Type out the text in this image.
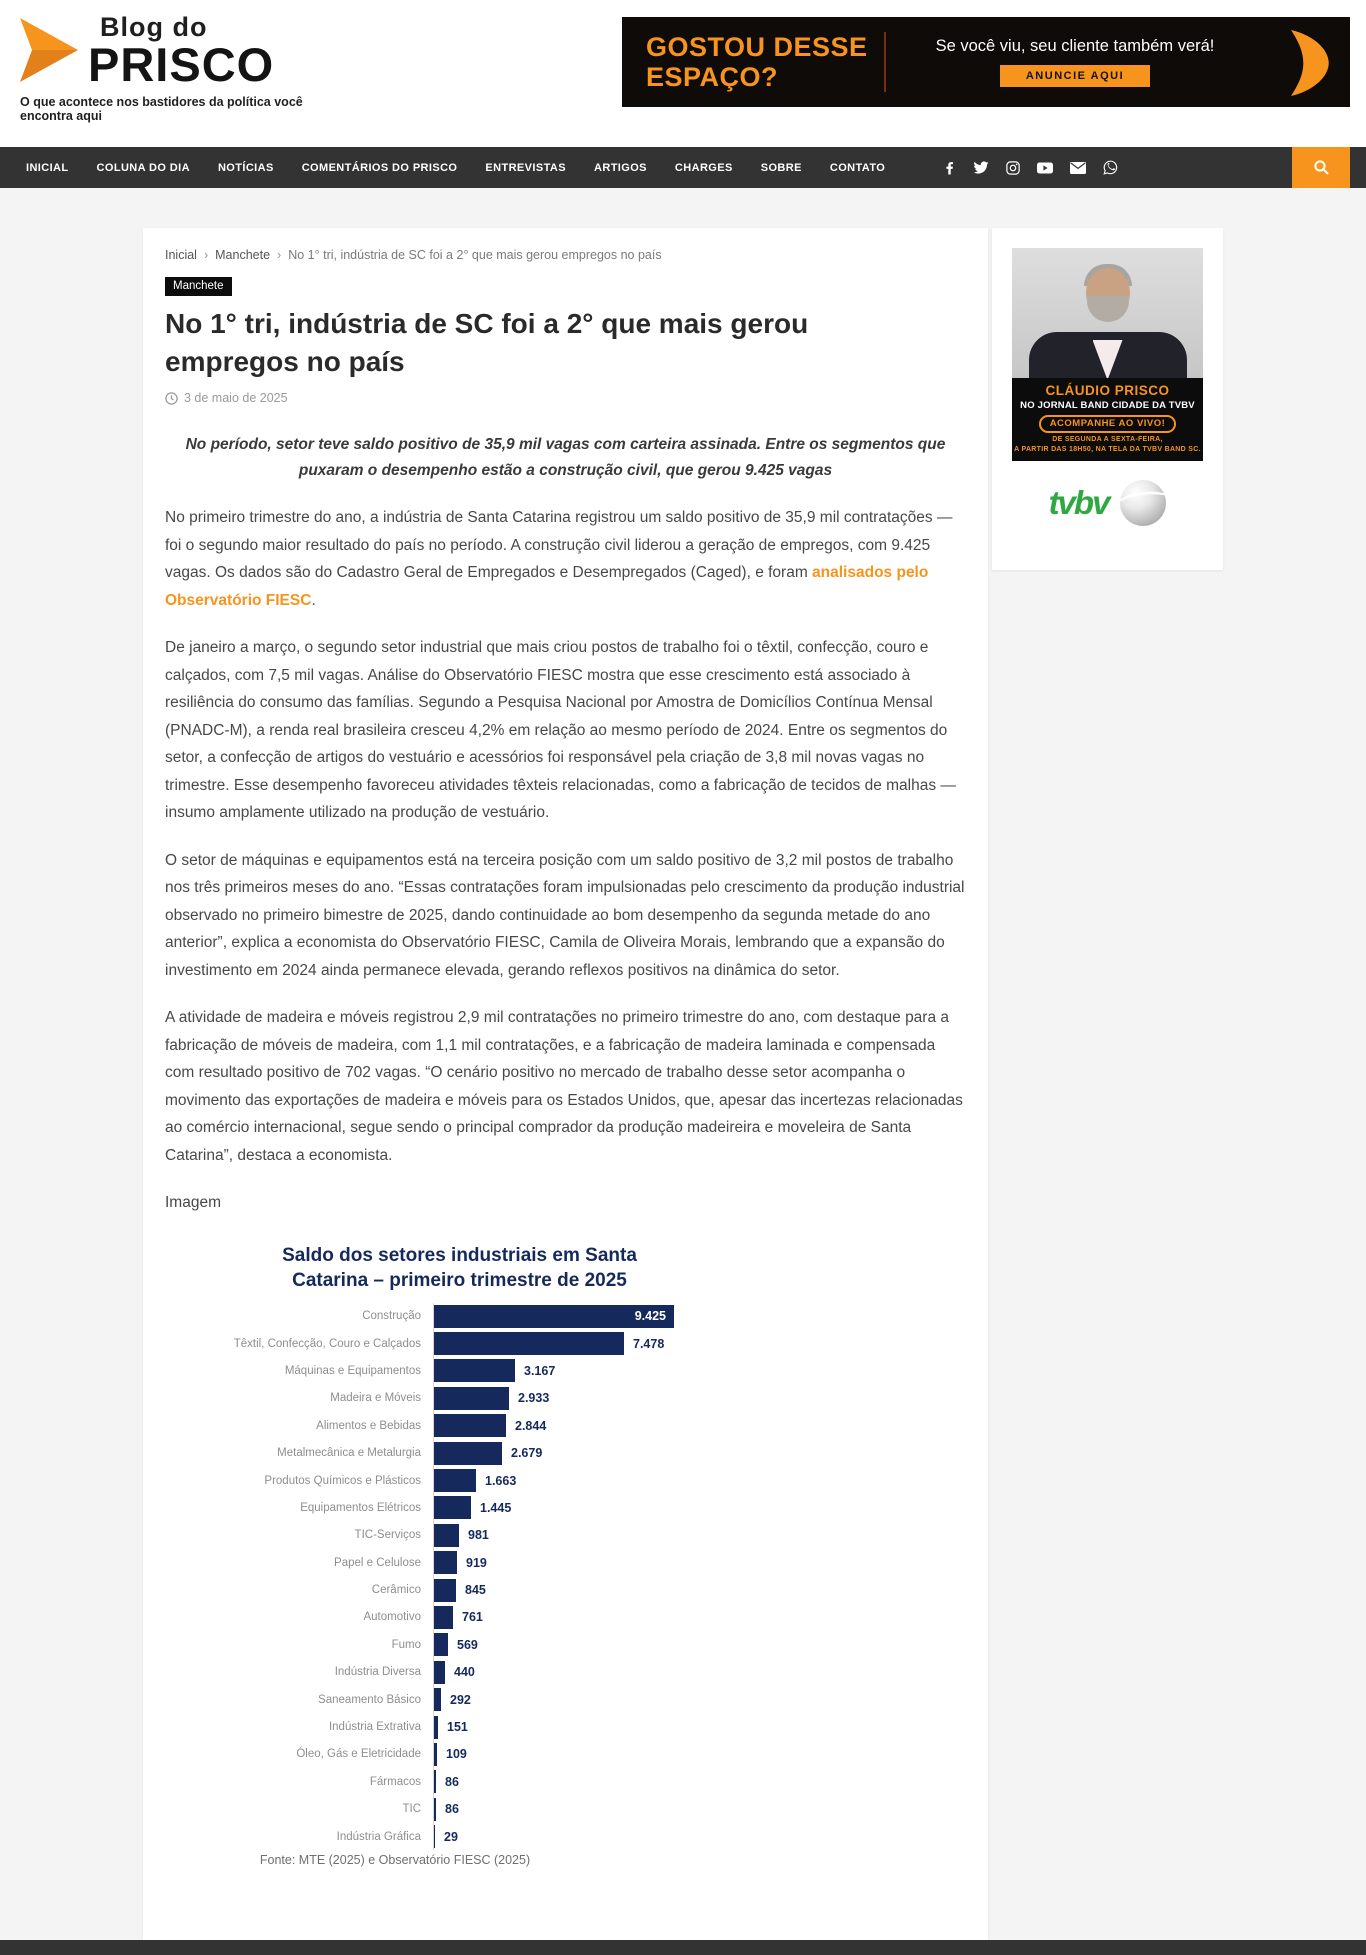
Blog do
PRISCO
O que acontece nos bastidores da política você encontra aqui
GOSTOU DESSE
ESPAÇO?
Se você viu, seu cliente também verá!
ANUNCIE AQUI
INICIAL	COLUNA DO DIA	NOTÍCIAS	COMENTÁRIOS DO PRISCO	ENTREVISTAS	ARTIGOS	CHARGES	SOBRE	CONTATO
Inicial › Manchete › No 1° tri, indústria de SC foi a 2° que mais gerou empregos no país
Manchete
No 1° tri, indústria de SC foi a 2° que mais gerou empregos no país
3 de maio de 2025

No período, setor teve saldo positivo de 35,9 mil vagas com carteira assinada. Entre os segmentos que puxaram o desempenho estão a construção civil, que gerou 9.425 vagas

No primeiro trimestre do ano, a indústria de Santa Catarina registrou um saldo positivo de 35,9 mil contratações — foi o segundo maior resultado do país no período. A construção civil liderou a geração de empregos, com 9.425 vagas. Os dados são do Cadastro Geral de Empregados e Desempregados (Caged), e foram analisados pelo Observatório FIESC.

De janeiro a março, o segundo setor industrial que mais criou postos de trabalho foi o têxtil, confecção, couro e calçados, com 7,5 mil vagas. Análise do Observatório FIESC mostra que esse crescimento está associado à resiliência do consumo das famílias. Segundo a Pesquisa Nacional por Amostra de Domicílios Contínua Mensal (PNADC-M), a renda real brasileira cresceu 4,2% em relação ao mesmo período de 2024. Entre os segmentos do setor, a confecção de artigos do vestuário e acessórios foi responsável pela criação de 3,8 mil novas vagas no trimestre. Esse desempenho favoreceu atividades têxteis relacionadas, como a fabricação de tecidos de malhas — insumo amplamente utilizado na produção de vestuário.

O setor de máquinas e equipamentos está na terceira posição com um saldo positivo de 3,2 mil postos de trabalho nos três primeiros meses do ano. “Essas contratações foram impulsionadas pelo crescimento da produção industrial observado no primeiro bimestre de 2025, dando continuidade ao bom desempenho da segunda metade do ano anterior”, explica a economista do Observatório FIESC, Camila de Oliveira Morais, lembrando que a expansão do investimento em 2024 ainda permanece elevada, gerando reflexos positivos na dinâmica do setor.

A atividade de madeira e móveis registrou 2,9 mil contratações no primeiro trimestre do ano, com destaque para a fabricação de móveis de madeira, com 1,1 mil contratações, e a fabricação de madeira laminada e compensada com resultado positivo de 702 vagas. “O cenário positivo no mercado de trabalho desse setor acompanha o movimento das exportações de madeira e móveis para os Estados Unidos, que, apesar das incertezas relacionadas ao comércio internacional, segue sendo o principal comprador da produção madeireira e moveleira de Santa Catarina”, destaca a economista.

Imagem

Saldo dos setores industriais em Santa Catarina – primeiro trimestre de 2025
Construção	9.425
Têxtil, Confecção, Couro e Calçados	7.478
Máquinas e Equipamentos	3.167
Madeira e Móveis	2.933
Alimentos e Bebidas	2.844
Metalmecânica e Metalurgia	2.679
Produtos Químicos e Plásticos	1.663
Equipamentos Elétricos	1.445
TIC-Serviços	981
Papel e Celulose	919
Cerâmico	845
Automotivo	761
Fumo	569
Indústria Diversa	440
Saneamento Básico	292
Indústria Extrativa	151
Óleo, Gás e Eletricidade	109
Fármacos	86
TIC	86
Indústria Gráfica	29
Fonte: MTE (2025) e Observatório FIESC (2025)
CLÁUDIO PRISCO
NO JORNAL BAND CIDADE DA TVBV
ACOMPANHE AO VIVO!
DE SEGUNDA A SEXTA-FEIRA,
A PARTIR DAS 18H50, NA TELA DA TVBV BAND SC.
tvbv
